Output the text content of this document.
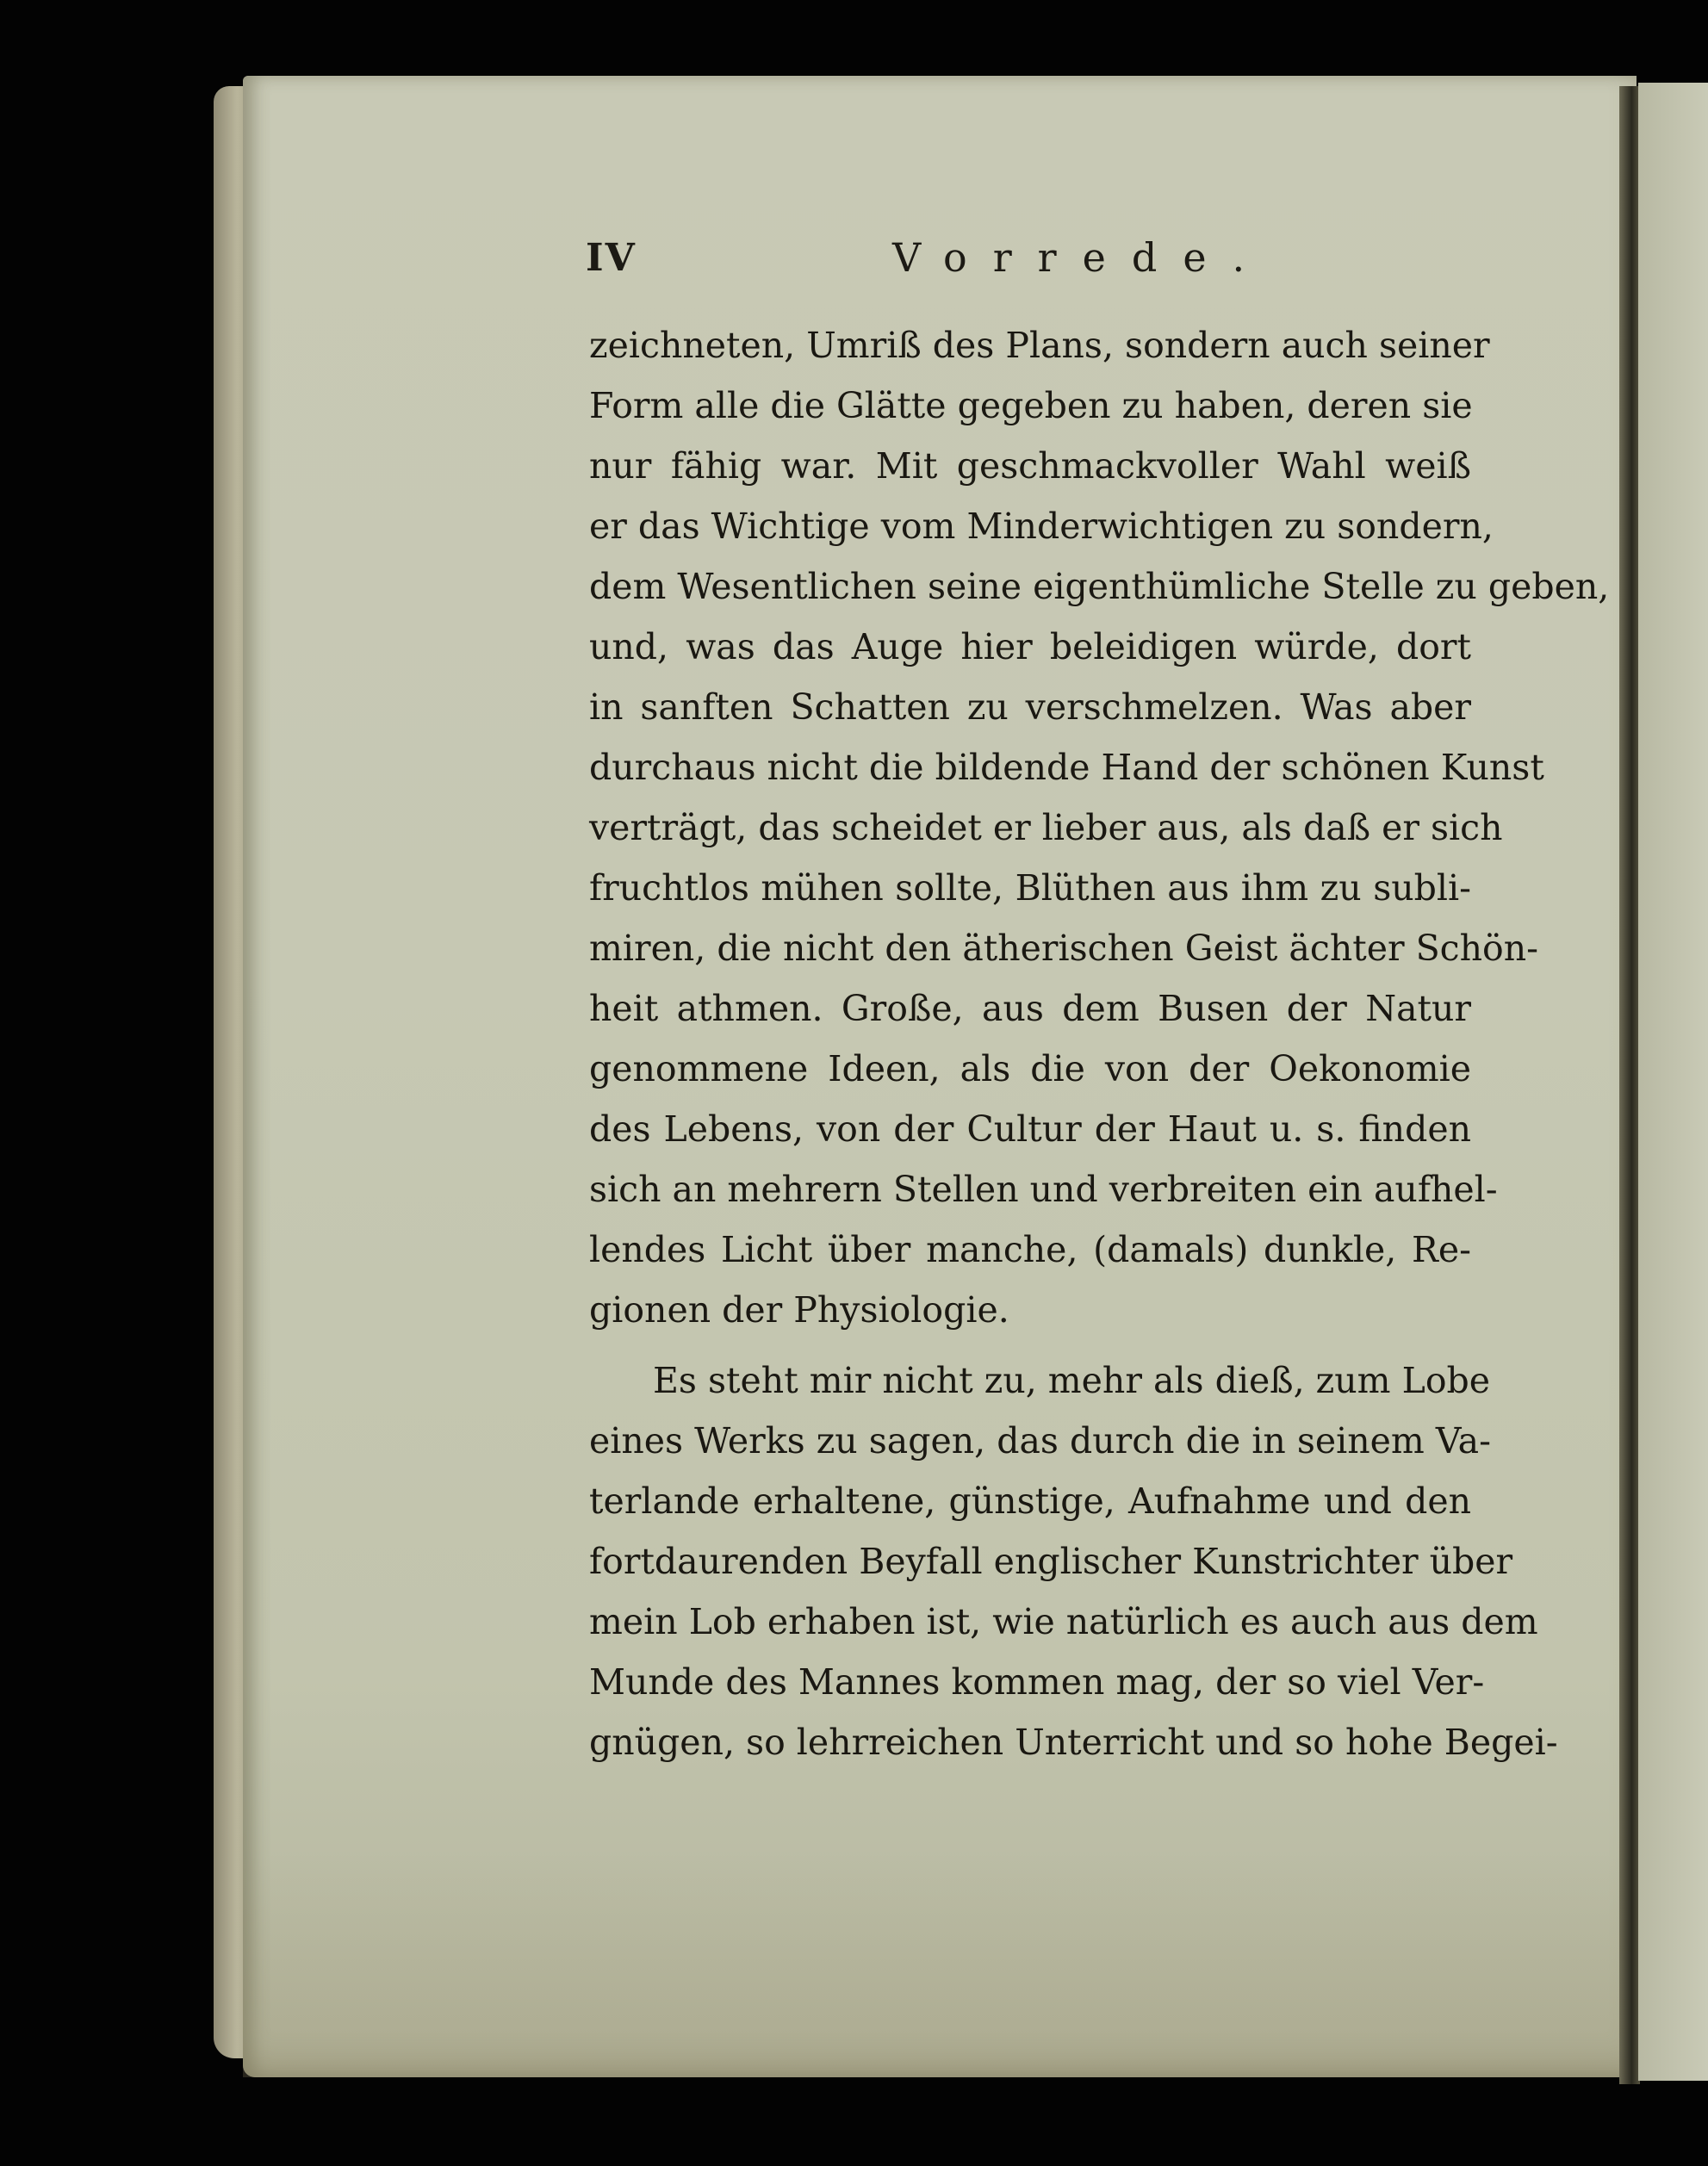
IV	Vorrede.
zeichneten, Umriß des Plans, sondern auch seiner
Form alle die Glätte gegeben zu haben, deren sie
nur fähig war. Mit geschmackvoller Wahl weiß
er das Wichtige vom Minderwichtigen zu sondern,
dem Wesentlichen seine eigenthümliche Stelle zu geben,
und, was das Auge hier beleidigen würde, dort
in sanften Schatten zu verschmelzen. Was aber
durchaus nicht die bildende Hand der schönen Kunst
verträgt, das scheidet er lieber aus, als daß er sich
fruchtlos mühen sollte, Blüthen aus ihm zu subli-
miren, die nicht den ätherischen Geist ächter Schön-
heit athmen. Große, aus dem Busen der Natur
genommene Ideen, als die von der Oekonomie
des Lebens, von der Cultur der Haut u. s. finden
sich an mehrern Stellen und verbreiten ein aufhel-
lendes Licht über manche, (damals) dunkle, Re-
gionen der Physiologie.
Es steht mir nicht zu, mehr als dieß, zum Lobe
eines Werks zu sagen, das durch die in seinem Va-
terlande erhaltene, günstige, Aufnahme und den
fortdaurenden Beyfall englischer Kunstrichter über
mein Lob erhaben ist, wie natürlich es auch aus dem
Munde des Mannes kommen mag, der so viel Ver-
gnügen, so lehrreichen Unterricht und so hohe Begei-
